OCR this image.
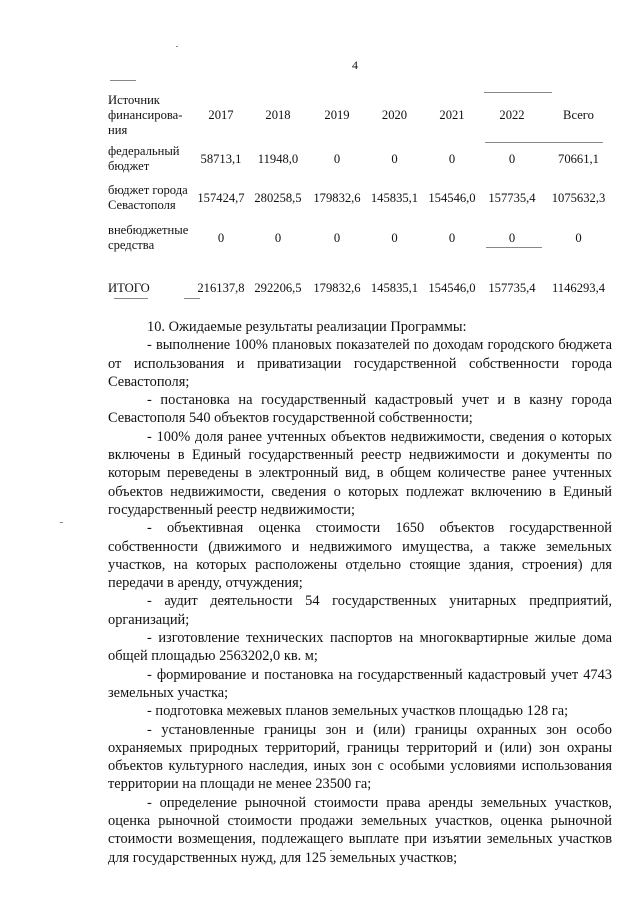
4
Источник финансирова-ния	2017	2018	2019	2020	2021	2022	Всего
федеральный бюджет	58713,1	11948,0	0	0	0	0	70661,1
бюджет города Севастополя	157424,7	280258,5	179832,6	145835,1	154546,0	157735,4	1075632,3
внебюджетные средства	0	0	0	0	0	0	0

ИТОГО	216137,8	292206,5	179832,6	145835,1	154546,0	157735,4	1146293,4

10. Ожидаемые результаты реализации Программы:

- выполнение 100% плановых показателей по доходам городского бюджета от использования и приватизации государственной собственности города Севастополя;

- постановка на государственный кадастровый учет и в казну города Севастополя 540 объектов государственной собственности;

- 100% доля ранее учтенных объектов недвижимости, сведения о которых включены в Единый государственный реестр недвижимости и документы по которым переведены в электронный вид, в общем количестве ранее учтенных объектов недвижимости, сведения о которых подлежат включению в Единый государственный реестр недвижимости;

- объективная оценка стоимости 1650 объектов государственной собственности (движимого и недвижимого имущества, а также земельных участков, на которых расположены отдельно стоящие здания, строения) для передачи в аренду, отчуждения;

- аудит деятельности 54 государственных унитарных предприятий, организаций;

- изготовление технических паспортов на многоквартирные жилые дома общей площадью 2563202,0 кв. м;

- формирование и постановка на государственный кадастровый учет 4743 земельных участка;

- подготовка межевых планов земельных участков площадью 128 га;

- установленные границы зон и (или) границы охранных зон особо охраняемых природных территорий, границы территорий и (или) зон охраны объектов культурного наследия, иных зон с особыми условиями использования территории на площади не менее 23500 га;

- определение рыночной стоимости права аренды земельных участков, оценка рыночной стоимости продажи земельных участков, оценка рыночной стоимости возмещения, подлежащего выплате при изъятии земельных участков для государственных нужд, для 125 земельных участков;
